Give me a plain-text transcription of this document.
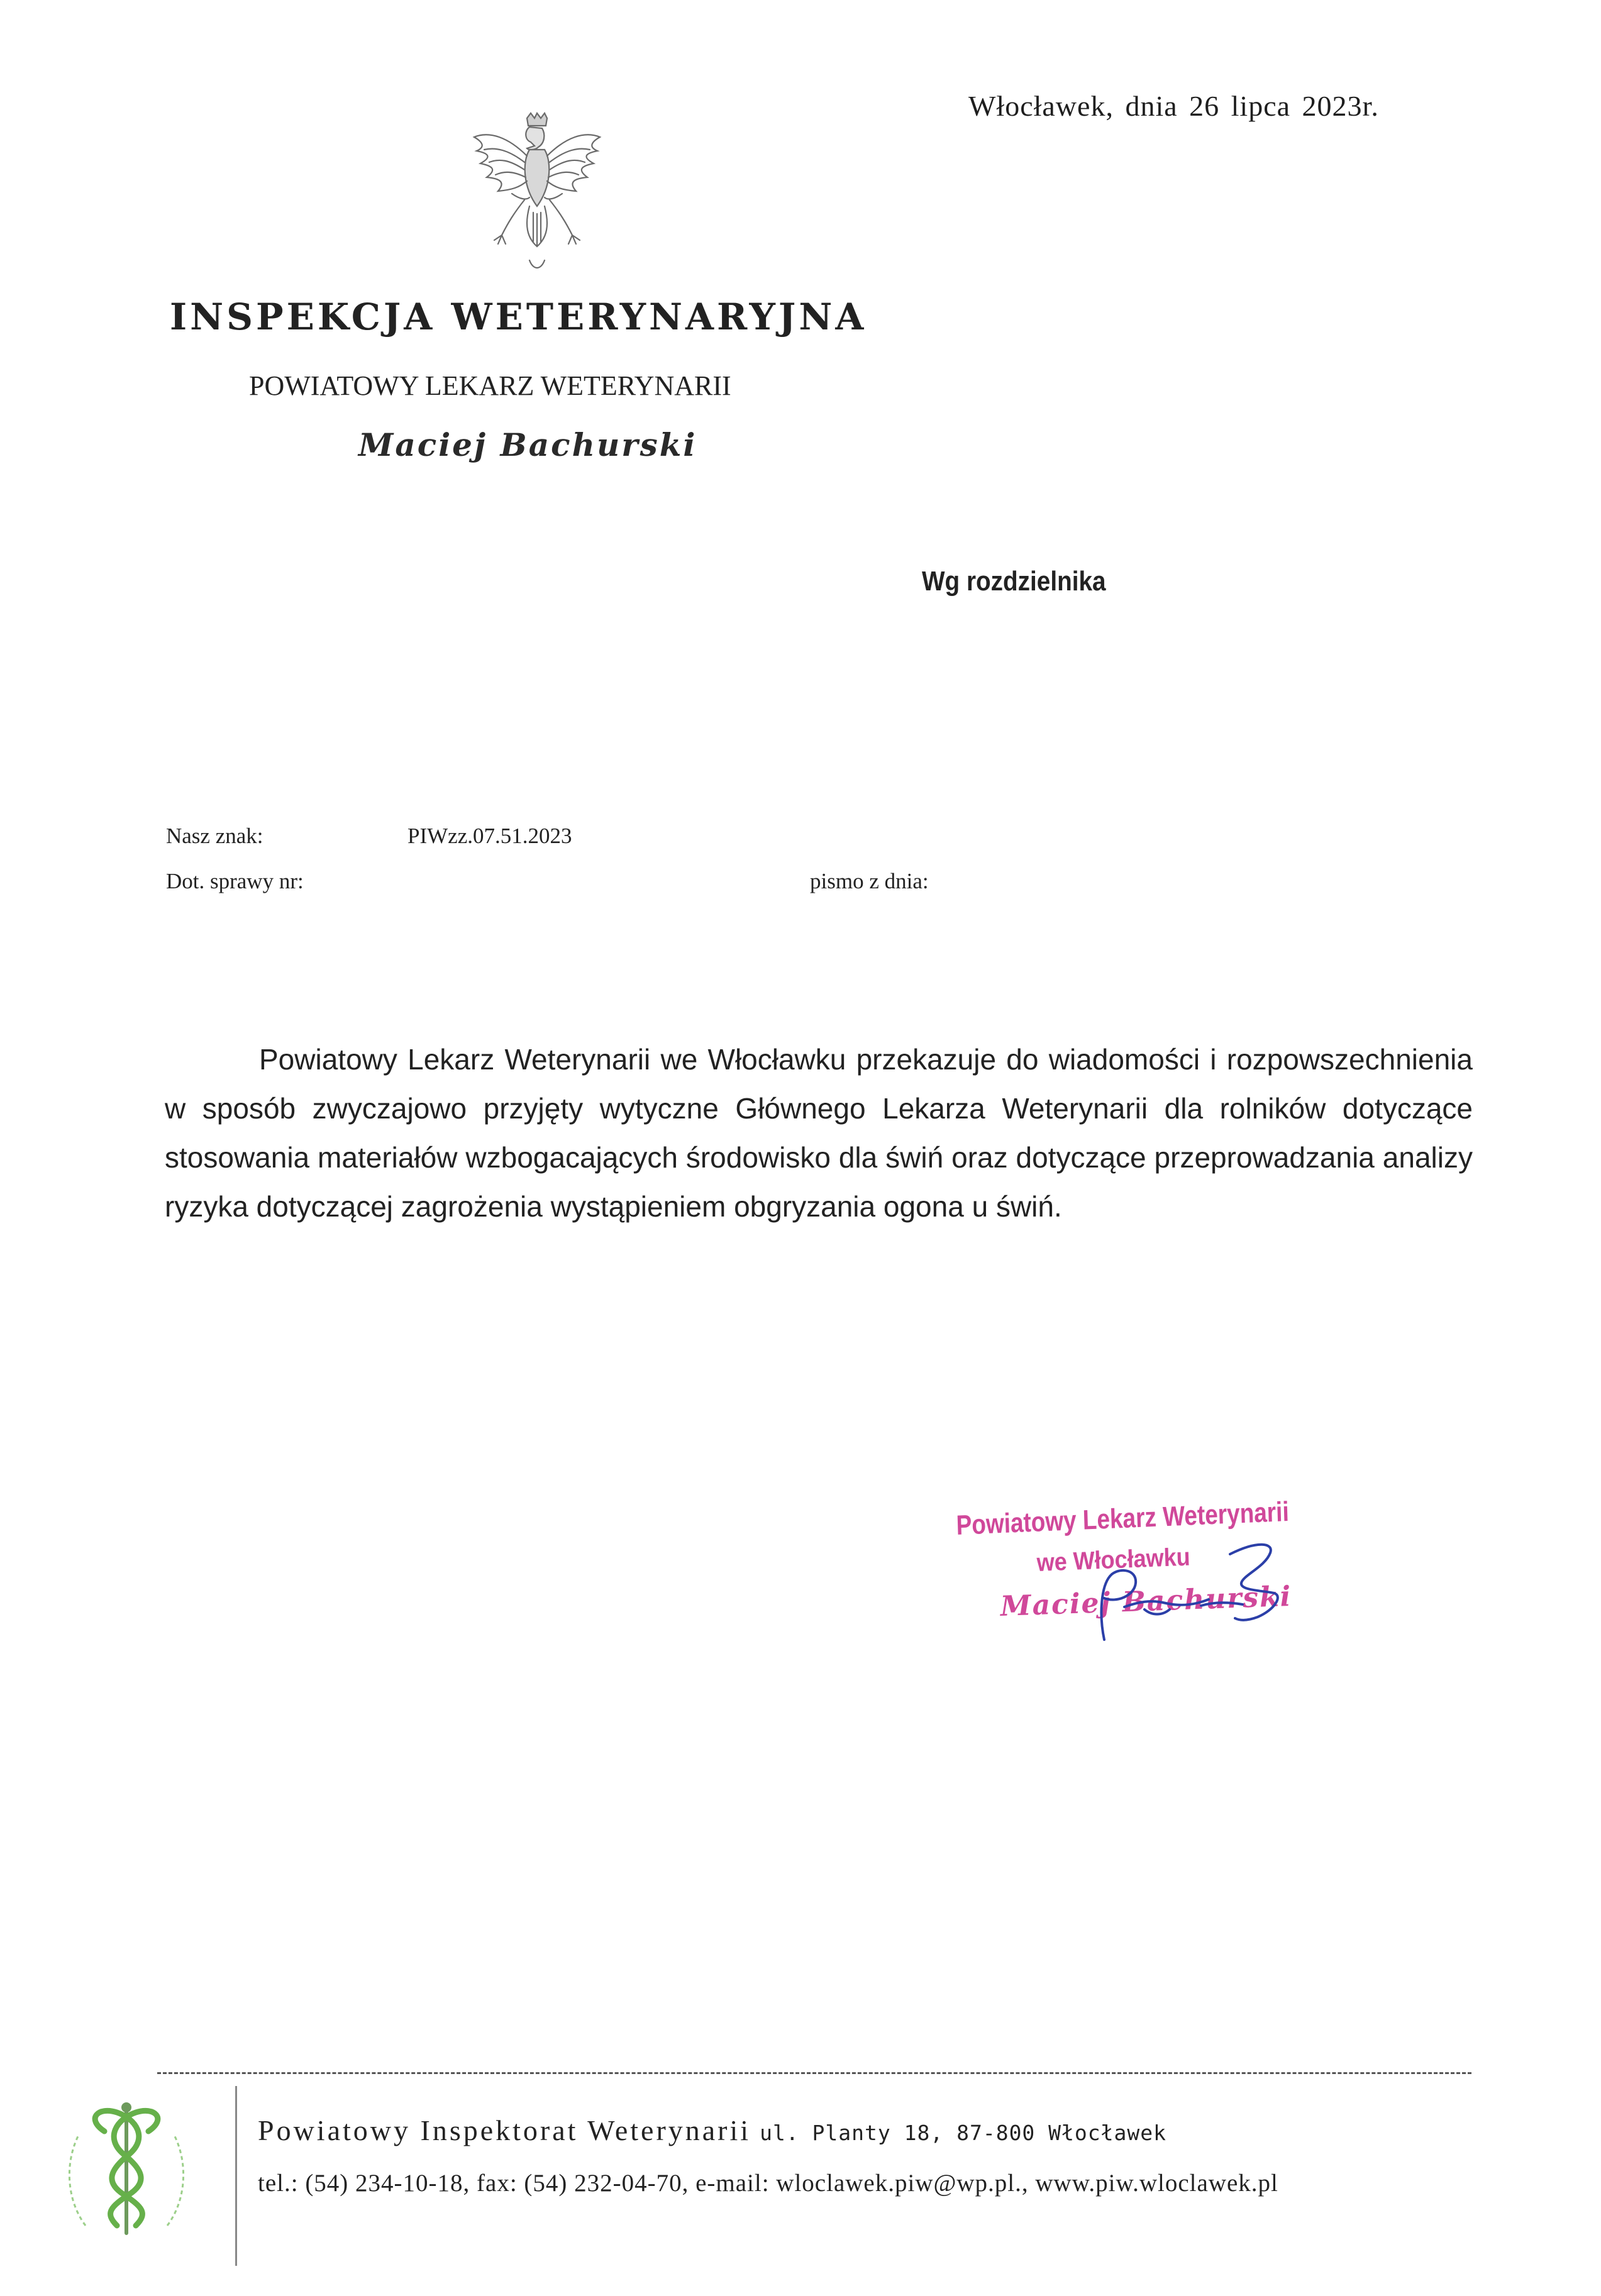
Włocławek, dnia 26 lipca 2023r.
INSPEKCJA WETERYNARYJNA
POWIATOWY LEKARZ WETERYNARII
Maciej Bachurski
Wg rozdzielnika
Nasz znak:	PIWzz.07.51.2023
Dot. sprawy nr:	pismo z dnia:
Powiatowy Lekarz Weterynarii we Włocławku przekazuje do wiadomości i rozpowszechnienia w sposób zwyczajowo przyjęty wytyczne Głównego Lekarza Weterynarii dla rolników dotyczące stosowania materiałów wzbogacających środowisko dla świń oraz dotyczące przeprowadzania analizy ryzyka dotyczącej zagrożenia wystąpieniem obgryzania ogona u świń.
Powiatowy Lekarz Weterynarii
we Włocławku
Maciej Bachurski
Powiatowy Inspektorat Weterynarii ul. Planty 18, 87-800 Włocławek
tel.: (54) 234-10-18, fax: (54) 232-04-70, e-mail: wloclawek.piw@wp.pl., www.piw.wloclawek.pl
